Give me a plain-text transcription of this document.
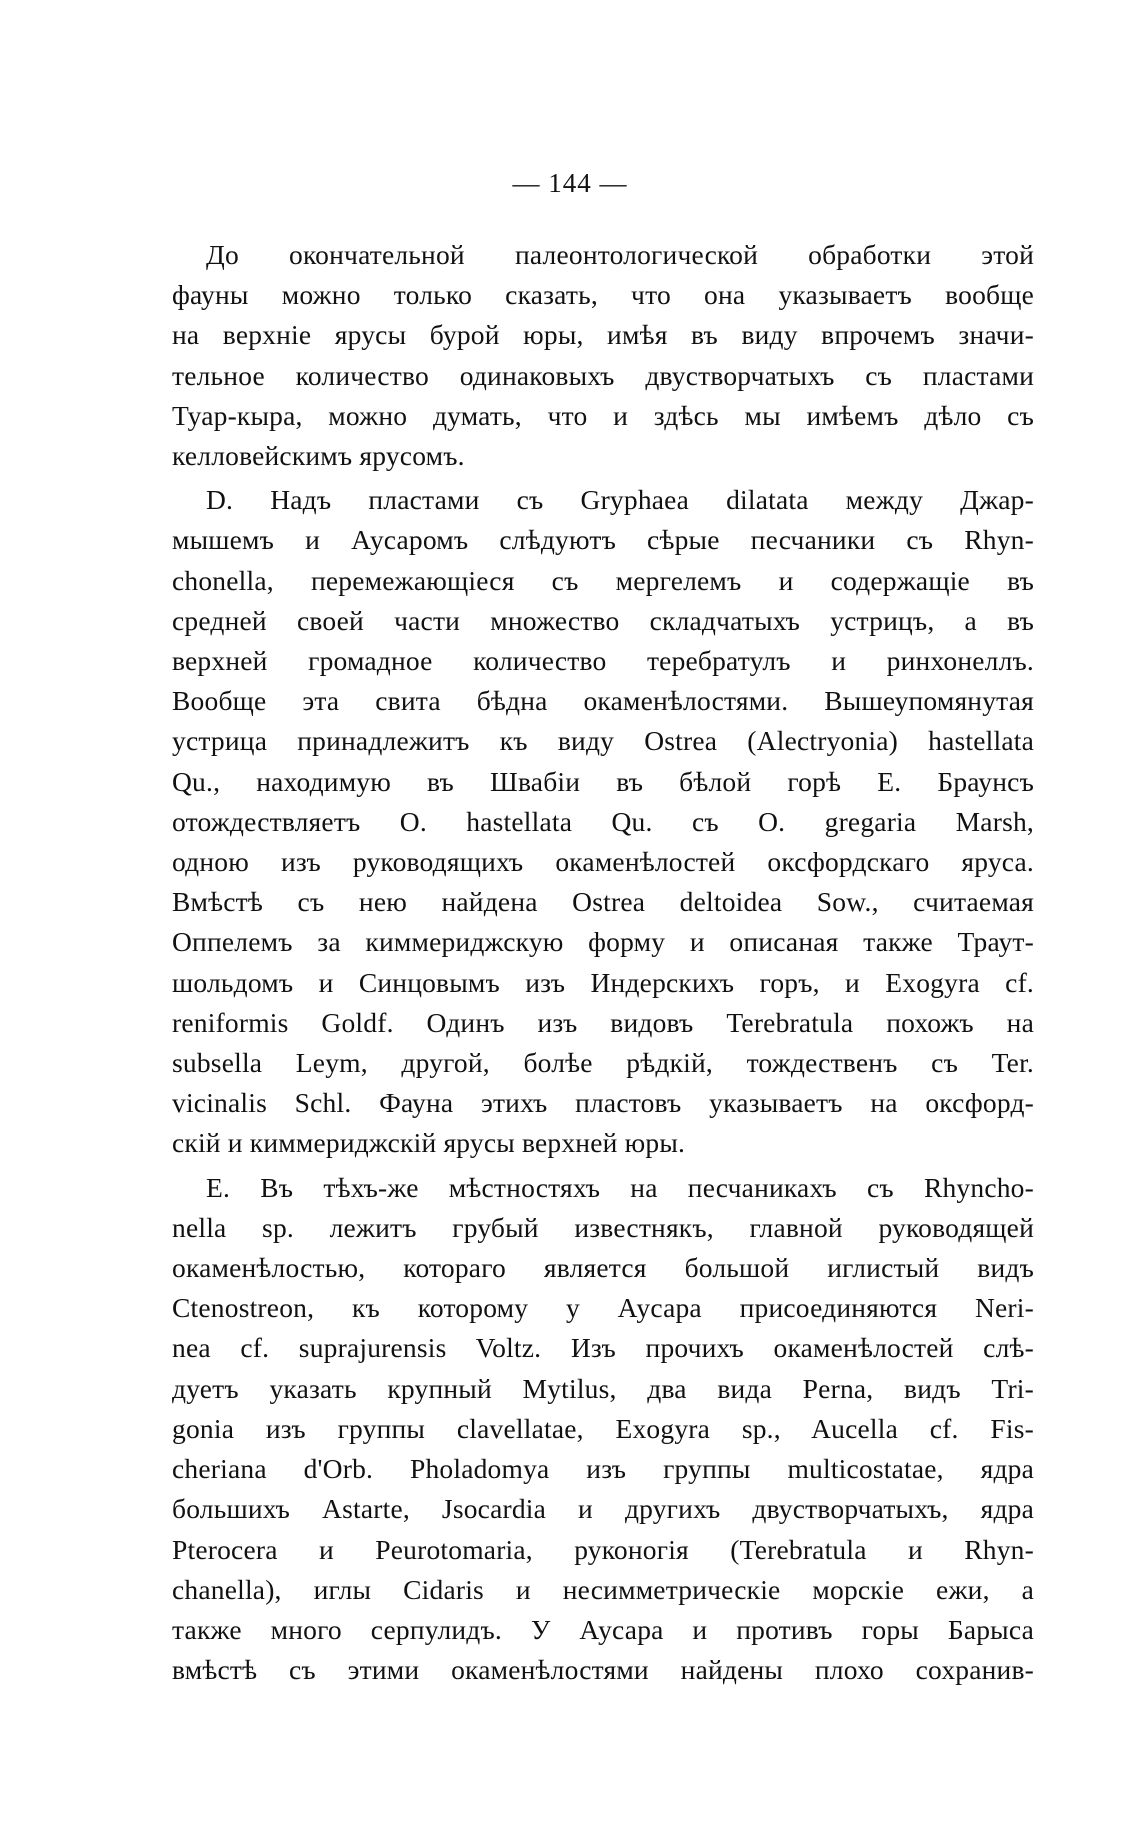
— 144 —
До окончательной палеонтологической обработки этой
фауны можно только сказать, что она указываетъ вообще
на верхніе ярусы бурой юры, имѣя въ виду впрочемъ значи-
тельное количество одинаковыхъ двустворчатыхъ съ пластами
Туар-кыра, можно думать, что и здѣсь мы имѣемъ дѣло съ
келловейскимъ ярусомъ.
D. Надъ пластами съ Gryphaea dilatata между Джар-
мышемъ и Аусаромъ слѣдуютъ сѣрые песчаники съ Rhyn-
chonella, перемежающіеся съ мергелемъ и содержащіе въ
средней своей части множество складчатыхъ устрицъ, а въ
верхней громадное количество теребратулъ и ринхонеллъ.
Вообще эта свита бѣдна окаменѣлостями. Вышеупомянутая
устрица принадлежитъ къ виду Ostrea (Alectryonia) hastellata
Qu., находимую въ Швабіи въ бѣлой горѣ Е. Браунсъ
отождествляетъ O. hastellata Qu. съ O. gregaria Marsh,
одною изъ руководящихъ окаменѣлостей оксфордскаго яруса.
Вмѣстѣ съ нею найдена Ostrea deltoidea Sow., считаемая
Оппелемъ за киммериджскую форму и описаная также Траут-
шольдомъ и Синцовымъ изъ Индерскихъ горъ, и Exogyra cf.
reniformis Goldf. Одинъ изъ видовъ Terebratula похожъ на
subsella Leym, другой, болѣе рѣдкій, тождественъ съ Ter.
vicinalis Schl. Фауна этихъ пластовъ указываетъ на оксфорд-
скій и киммериджскій ярусы верхней юры.
E. Въ тѣхъ-же мѣстностяхъ на песчаникахъ съ Rhyncho-
nella sp. лежитъ грубый известнякъ, главной руководящей
окаменѣлостью, котораго является большой иглистый видъ
Ctenostreon, къ которому у Аусара присоединяются Neri-
nea cf. suprajurensis Voltz. Изъ прочихъ окаменѣлостей слѣ-
дуетъ указать крупный Mytilus, два вида Perna, видъ Tri-
gonia изъ группы clavellatae, Exogyra sp., Aucella cf. Fis-
cheriana d'Orb. Pholadomya изъ группы multicostatae, ядра
большихъ Astarte, Jsocardia и другихъ двустворчатыхъ, ядра
Pterocera и Peurotomaria, руконогія (Terebratula и Rhyn-
chanella), иглы Cidaris и несимметрическіе морскіе ежи, а
также много серпулидъ. У Аусара и противъ горы Барыса
вмѣстѣ съ этими окаменѣлостями найдены плохо сохранив-
